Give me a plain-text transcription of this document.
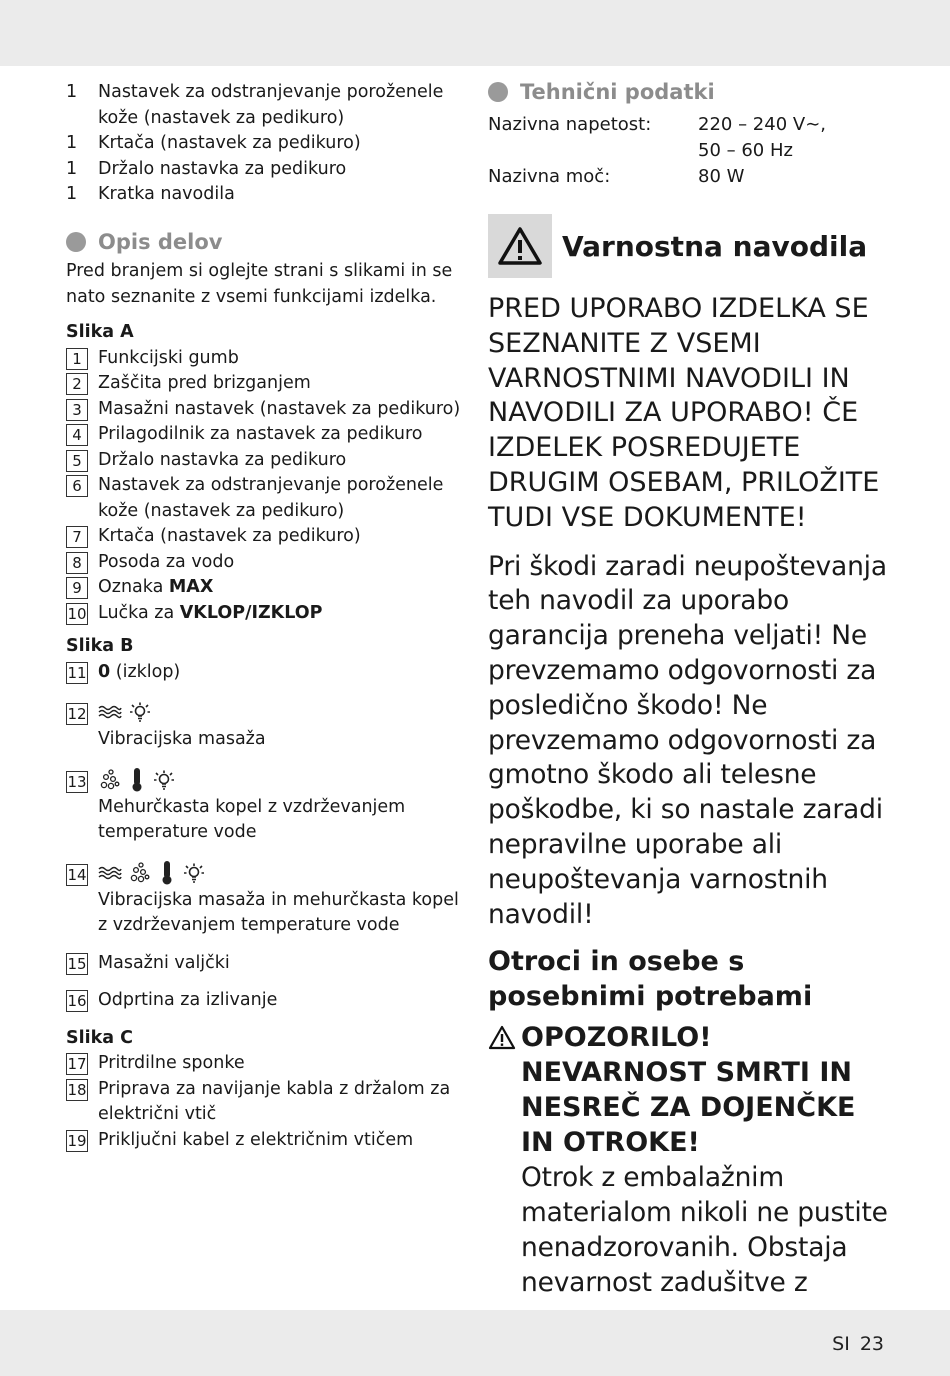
1 Nastavek za odstranjevanje poroženele kože (nastavek za pedikuro)
1 Krtača (nastavek za pedikuro)
1 Držalo nastavka za pedikuro
1 Kratka navodila
Opis delov
Pred branjem si oglejte strani s slikami in se nato seznanite z vsemi funkcijami izdelka.
Slika A
1 Funkcijski gumb
2 Zaščita pred brizganjem
3 Masažni nastavek (nastavek za pedikuro)
4 Prilagodilnik za nastavek za pedikuro
5 Držalo nastavka za pedikuro
6 Nastavek za odstranjevanje poroženele kože (nastavek za pedikuro)
7 Krtača (nastavek za pedikuro)
8 Posoda za vodo
9 Oznaka MAX
10 Lučka za VKLOP/IZKLOP
Slika B
11 0 (izklop)
12
Vibracijska masaža
13
Mehurčkasta kopel z vzdrževanjem temperature vode
14
Vibracijska masaža in mehurčkasta kopel z vzdrževanjem temperature vode
15 Masažni valjčki
16 Odprtina za izlivanje
Slika C
17 Pritrdilne sponke
18 Priprava za navijanje kabla z držalom za električni vtič
19 Priključni kabel z električnim vtičem
Tehnični podatki
Nazivna napetost:	220 – 240 V∼,
50 – 60 Hz
Nazivna moč:	80 W
Varnostna navodila
PRED UPORABO IZDELKA SE SEZNANITE Z VSEMI VARNOSTNIMI NAVODILI IN NAVODILI ZA UPORABO! ČE IZDELEK POSREDUJETE DRUGIM OSEBAM, PRILOŽITE TUDI VSE DOKUMENTE!
Pri škodi zaradi neupoštevanja teh navodil za uporabo garancija preneha veljati! Ne prevzemamo odgovornosti za posledično škodo! Ne prevzemamo odgovornosti za gmotno škodo ali telesne poškodbe, ki so nastale zaradi nepravilne uporabe ali neupoštevanja varnostnih navodil!
Otroci in osebe s posebnimi potrebami
OPOZORILO! NEVARNOST SMRTI IN NESREČ ZA DOJENČKE IN OTROKE!
Otrok z embalažnim materialom nikoli ne pustite nenadzorovanih. Obstaja nevarnost zadušitve z
SI 23
